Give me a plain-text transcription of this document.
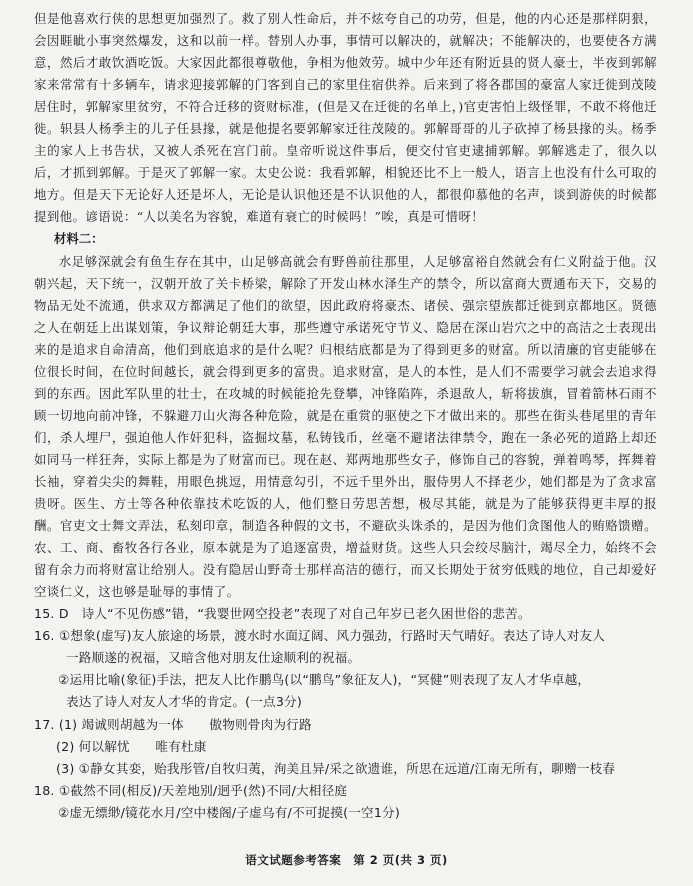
但是他喜欢行侠的思想更加强烈了。救了别人性命后，并不炫夸自己的功劳，但是，他的内心还是那样阴狠，会因睚眦小事突然爆发，这和以前一样。替别人办事，事情可以解决的，就解决；不能解决的，也要使各方满意，然后才敢饮酒吃饭。大家因此都很尊敬他，争相为他效劳。城中少年还有附近县的贤人豪士，半夜到郭解家来常常有十多辆车，请求迎接郭解的门客到自己的家里住宿供养。后来到了将各郡国的豪富人家迁徙到茂陵居住时，郭解家里贫穷，不符合迁移的资财标准，(但是又在迁徙的名单上，)官吏害怕上级怪罪，不敢不将他迁徙。轵县人杨季主的儿子任县掾，就是他提名要郭解家迁往茂陵的。郭解哥哥的儿子砍掉了杨县掾的头。杨季主的家人上书告状，又被人杀死在宫门前。皇帝听说这件事后，便交付官吏逮捕郭解。郭解逃走了，很久以后，才抓到郭解。于是灭了郭解一家。太史公说：我看郭解，相貌还比不上一般人，语言上也没有什么可取的地方。但是天下无论好人还是坏人，无论是认识他还是不认识他的人，都很仰慕他的名声，谈到游侠的时候都提到他。谚语说：“人以美名为容貌，难道有衰亡的时候吗！”唉，真是可惜呀！

材料二：

水足够深就会有鱼生存在其中，山足够高就会有野兽前往那里，人足够富裕自然就会有仁义附益于他。汉朝兴起，天下统一，汉朝开放了关卡桥梁，解除了开发山林水泽生产的禁令，所以富商大贾通布天下，交易的物品无处不流通，供求双方都满足了他们的欲望，因此政府将豪杰、诸侯、强宗望族都迁徙到京都地区。贤德之人在朝廷上出谋划策，争议辩论朝廷大事，那些遵守承诺死守节义、隐居在深山岩穴之中的高洁之士表现出来的是追求自命清高，他们到底追求的是什么呢？归根结底都是为了得到更多的财富。所以清廉的官吏能够在位很长时间，在位时间越长，就会得到更多的富贵。追求财富，是人的本性，是人们不需要学习就会去追求得到的东西。因此军队里的壮士，在攻城的时候能抢先登攀，冲锋陷阵，杀退敌人，斩将拔旗，冒着箭林石雨不顾一切地向前冲锋，不躲避刀山火海各种危险，就是在重赏的驱使之下才做出来的。那些在街头巷尾里的青年们，杀人埋尸，强迫他人作奸犯科，盗掘坟墓，私铸钱币，丝毫不避诸法律禁令，跑在一条必死的道路上却还如同马一样狂奔，实际上都是为了财富而已。现在赵、郑两地那些女子，修饰自己的容貌，弹着鸣琴，挥舞着长袖，穿着尖尖的舞鞋，用眼色挑逗，用情意勾引，不远千里外出，服侍男人不择老少，她们都是为了贪求富贵呀。医生、方士等各种依靠技术吃饭的人，他们整日劳思苦想，极尽其能，就是为了能够获得更丰厚的报酬。官吏文士舞文弄法，私刻印章，制造各种假的文书，不避砍头诛杀的，是因为他们贪图他人的贿赂馈赠。农、工、商、畜牧各行各业，原本就是为了追逐富贵，增益财货。这些人只会绞尽脑汁，竭尽全力，始终不会留有余力而将财富让给别人。没有隐居山野奇士那样高洁的德行，而又长期处于贫穷低贱的地位，自己却爱好空谈仁义，这也够是耻辱的事情了。

15. D　诗人“不见伤感”错，“我婴世网空投老”表现了对自己年岁已老久困世俗的悲苦。

16. ①想象(虚写)友人旅途的场景，渡水时水面辽阔、风力强劲，行路时天气晴好。表达了诗人对友人

一路顺遂的祝福，又暗含他对朋友仕途顺利的祝福。

②运用比喻(象征)手法，把友人比作鹏鸟(以“鹏鸟”象征友人)，“冥健”则表现了友人才华卓越，

表达了诗人对友人才华的肯定。(一点3分)

17. (1) 竭诚则胡越为一体　　傲物则骨肉为行路

(2) 何以解忧　　唯有杜康

(3) ①静女其娈，贻我彤管/自牧归荑，洵美且异/采之欲遗谁，所思在远道/江南无所有，聊赠一枝春

18. ①截然不同(相反)/天差地别/迥乎(然)不同/大相径庭

②虚无缥缈/镜花水月/空中楼阁/子虚乌有/不可捉摸(一空1分)

语文试题参考答案　第 2 页(共 3 页)
